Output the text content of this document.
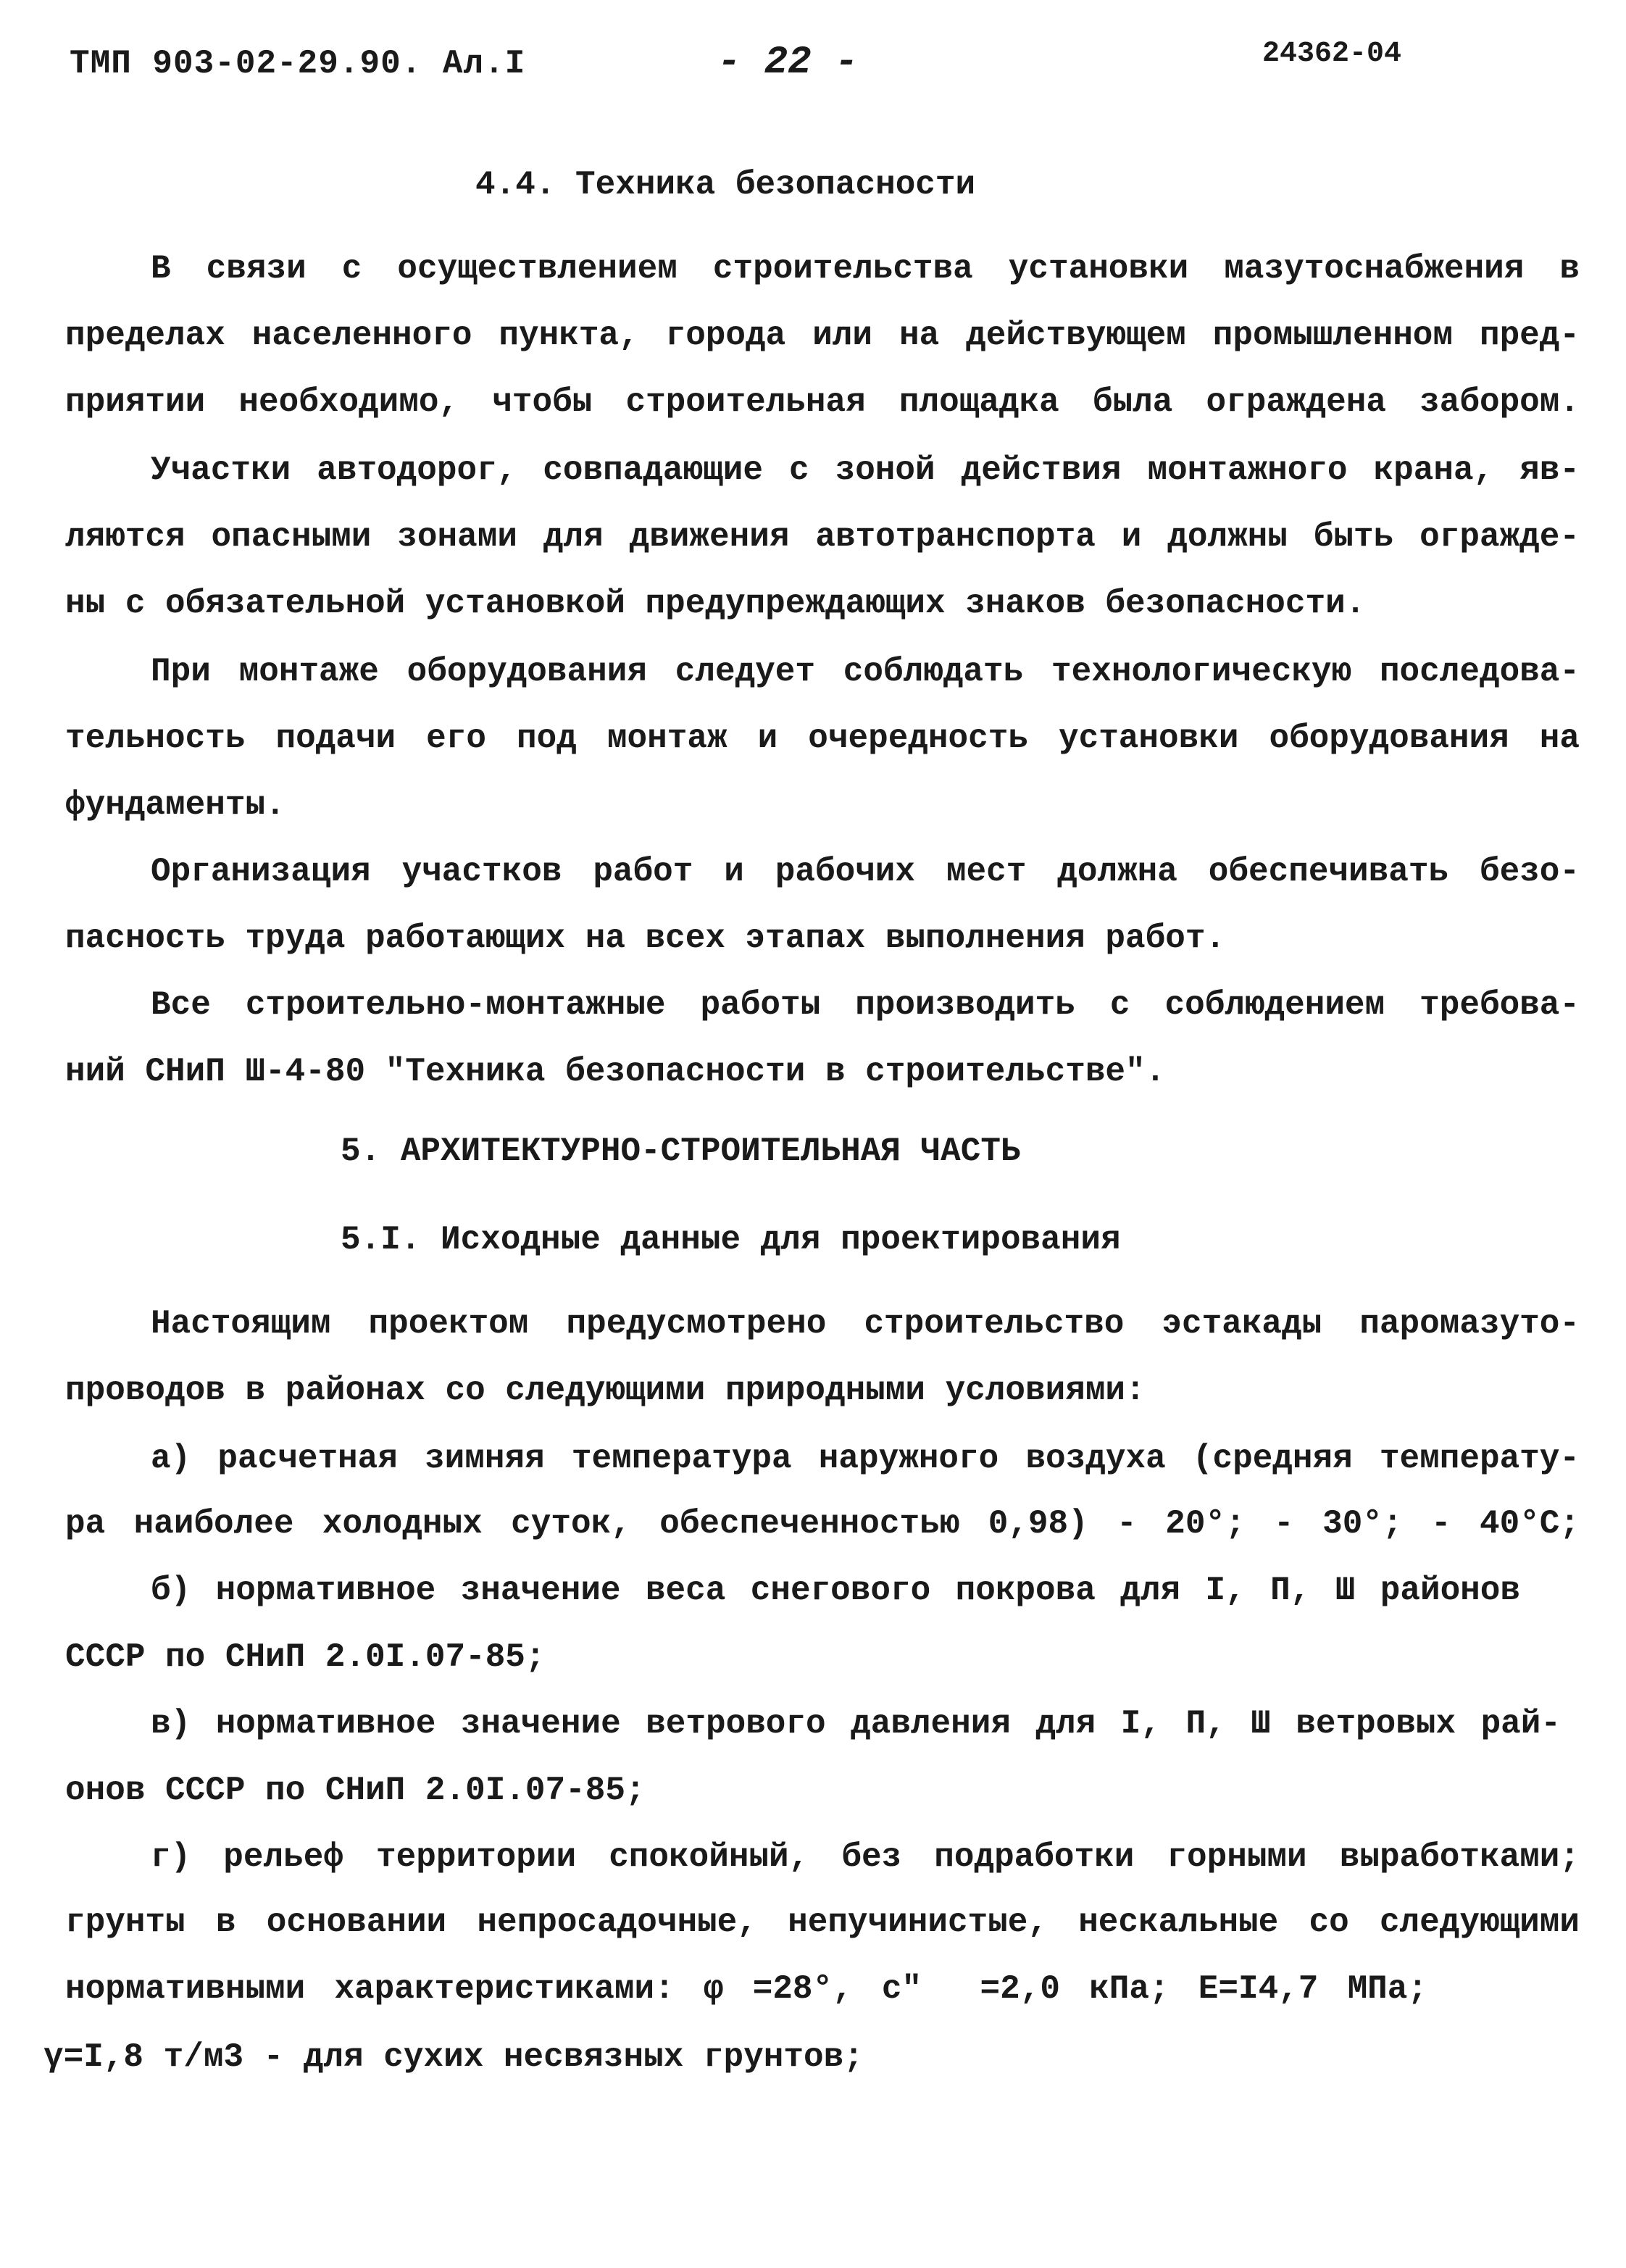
ТМП 903-02-29.90. Ал.I	- 22 -	24362-04
4.4. Техника безопасности
В связи с осуществлением строительства установки мазутоснабжения в
пределах населенного пункта, города или на действующем промышленном пред-
приятии необходимо, чтобы строительная площадка была ограждена забором.
Участки автодорог, совпадающие с зоной действия монтажного крана, яв-
ляются опасными зонами для движения автотранспорта и должны быть огражде-
ны с обязательной установкой предупреждающих знаков безопасности.
При монтаже оборудования следует соблюдать технологическую последова-
тельность подачи его под монтаж и очередность установки оборудования на
фундаменты.
Организация участков работ и рабочих мест должна обеспечивать безо-
пасность труда работающих на всех этапах выполнения работ.
Все строительно-монтажные работы производить с соблюдением требова-
ний СНиП Ш-4-80 "Техника безопасности в строительстве".
5. АРХИТЕКТУРНО-СТРОИТЕЛЬНАЯ ЧАСТЬ
5.I. Исходные данные для проектирования
Настоящим проектом предусмотрено строительство эстакады паромазуто-
проводов в районах со следующими природными условиями:
а) расчетная зимняя температура наружного воздуха (средняя температу-
ра наиболее холодных суток, обеспеченностью 0,98) - 20°; - 30°; - 40°С;
б) нормативное значение веса снегового покрова для I, П, Ш районов
СССР по СНиП 2.0I.07-85;
в) нормативное значение ветрового давления для I, П, Ш ветровых рай-
онов СССР по СНиП 2.0I.07-85;
г) рельеф территории спокойный, без подработки горными выработками;
грунты в основании непросадочные, непучинистые, нескальные со следующими
нормативными характеристиками: φ =28°, с″  =2,0 кПа; Е=I4,7 МПа;
γ=I,8 т/м3 - для сухих несвязных грунтов;
